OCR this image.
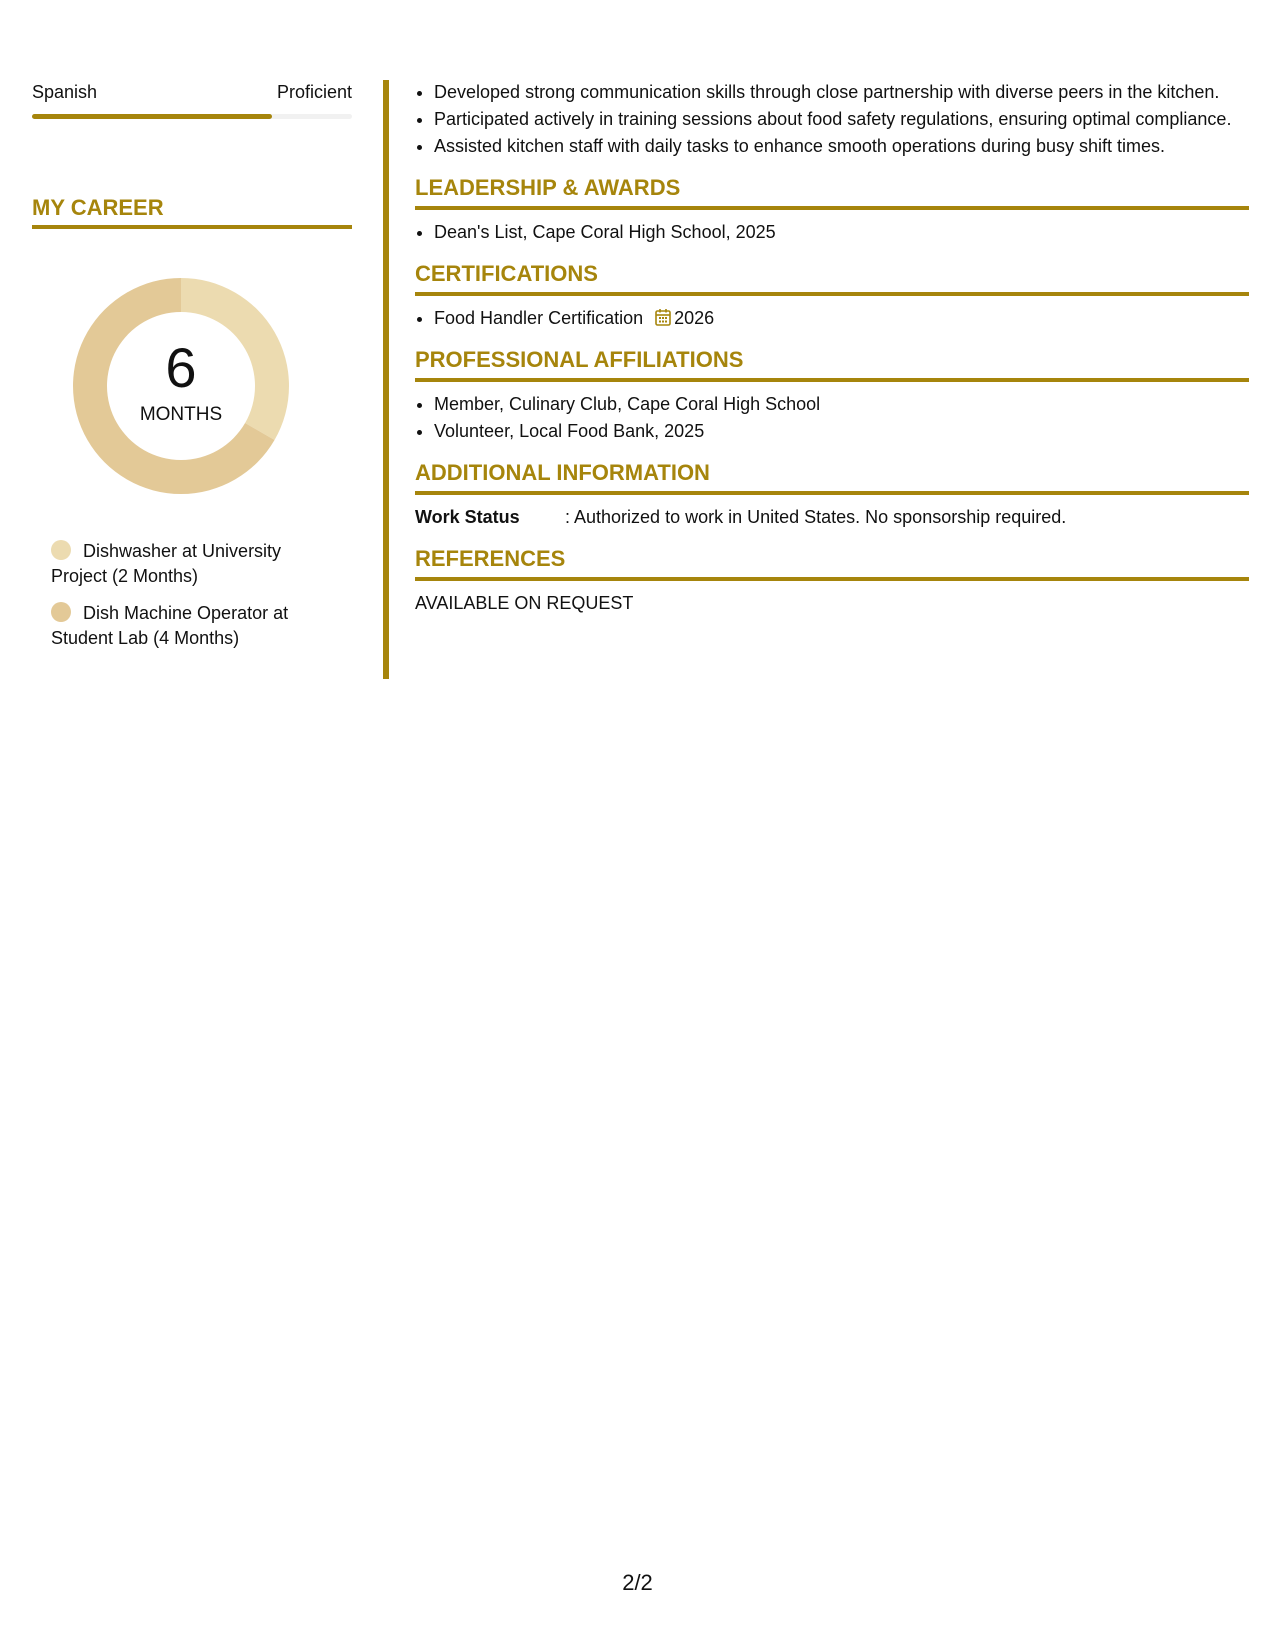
Spanish	Proficient
MY CAREER
6
MONTHS
Dishwasher at University Project (2 Months)
Dish Machine Operator at Student Lab (4 Months)
• Developed strong communication skills through close partnership with diverse peers in the kitchen.
• Participated actively in training sessions about food safety regulations, ensuring optimal compliance.
• Assisted kitchen staff with daily tasks to enhance smooth operations during busy shift times.
LEADERSHIP & AWARDS
• Dean's List, Cape Coral High School, 2025
CERTIFICATIONS
• Food Handler Certification 2026
PROFESSIONAL AFFILIATIONS
• Member, Culinary Club, Cape Coral High School
• Volunteer, Local Food Bank, 2025
ADDITIONAL INFORMATION
Work Status	: Authorized to work in United States. No sponsorship required.
REFERENCES
AVAILABLE ON REQUEST
2/2
